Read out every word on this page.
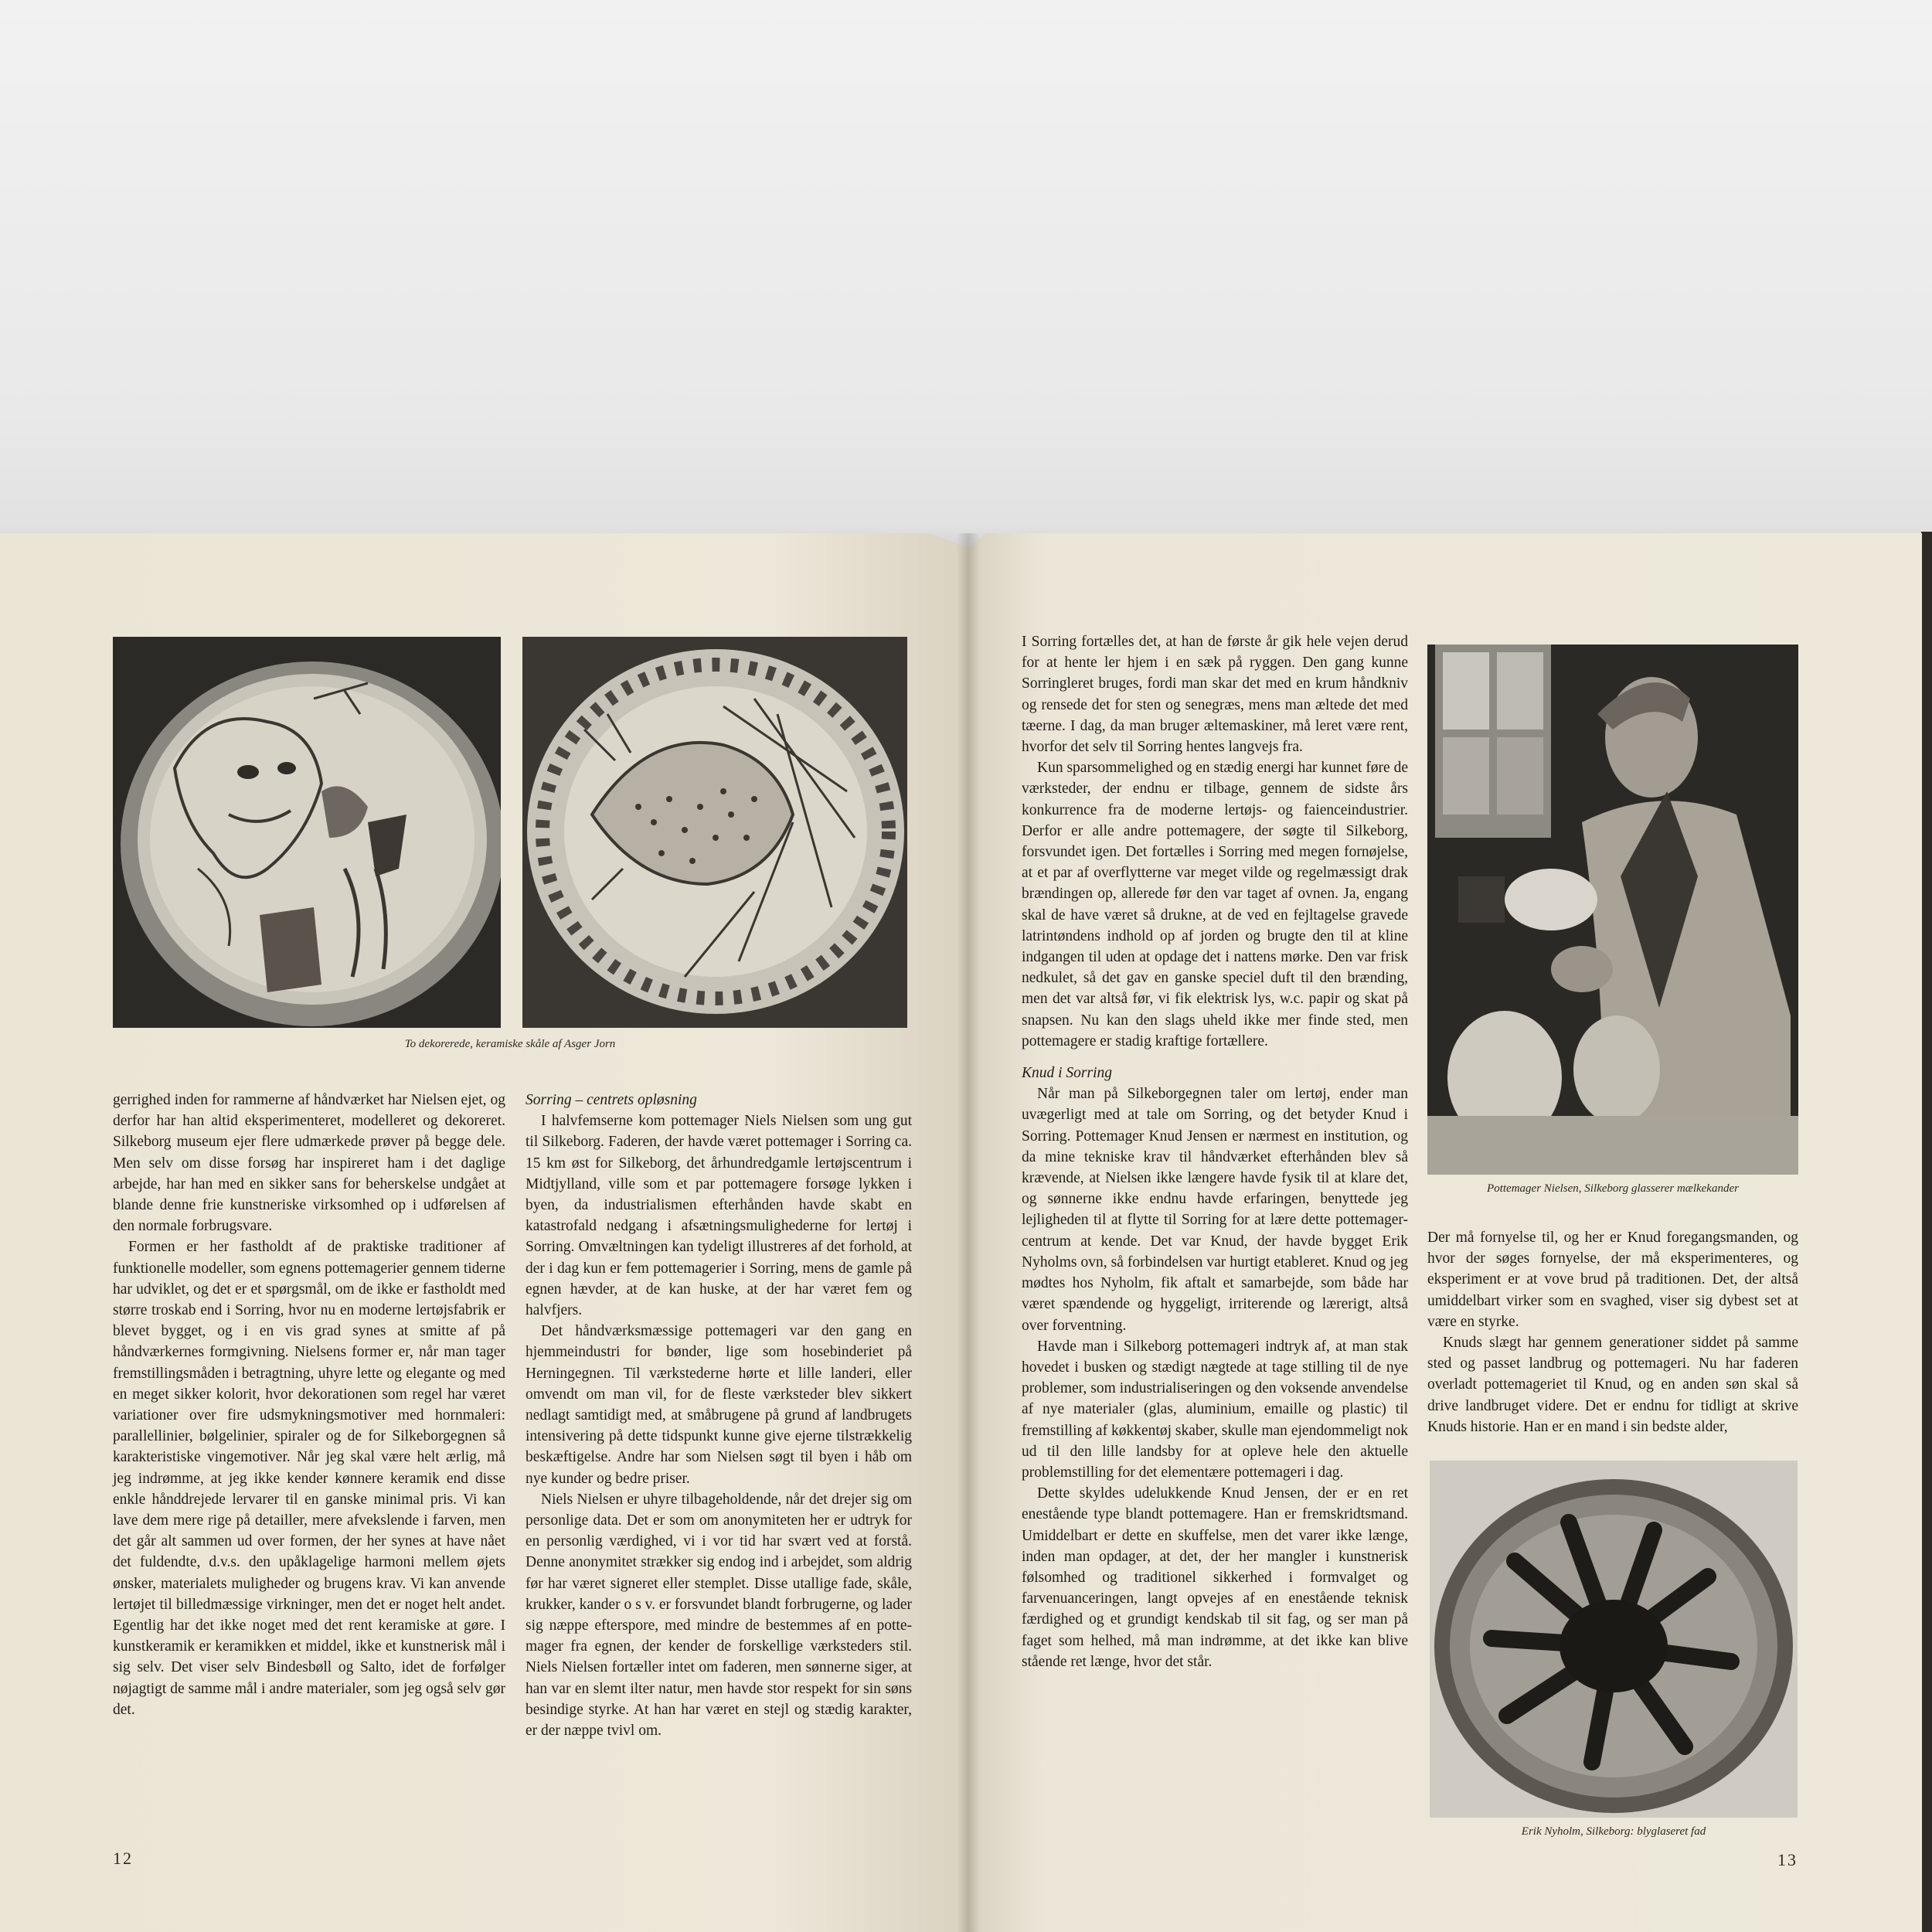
To dekorerede, keramiske skåle af Asger Jorn

gerrighed inden for rammerne af håndværket har Nielsen ejet, og derfor har han altid eksperimenteret, modelleret og dekoreret. Silkeborg museum ejer flere udmærkede prøver på begge dele. Men selv om disse forsøg har inspireret ham i det daglige arbejde, har han med en sikker sans for beherskelse undgået at blande denne frie kunstneriske virksomhed op i udførelsen af den normale forbrugsvare.

Formen er her fastholdt af de praktiske traditioner af funktionelle modeller, som egnens pottemagerier gennem tiderne har udviklet, og det er et spørgsmål, om de ikke er fastholdt med større troskab end i Sorring, hvor nu en moderne lertøjsfabrik er blevet bygget, og i en vis grad synes at smitte af på håndværkernes formgivning. Nielsens former er, når man tager fremstillingsmåden i betragtning, uhyre lette og elegante og med en meget sikker kolorit, hvor dekorationen som regel har været variationer over fire udsmykningsmotiver med hornmaleri: parallellinier, bølgelinier, spiraler og de for Silkeborgegnen så karakteristiske vingemotiver. Når jeg skal være helt ærlig, må jeg indrømme, at jeg ikke kender kønnere keramik end disse enkle hånddrejede lervarer til en ganske minimal pris. Vi kan lave dem mere rige på detailler, mere afvekslende i farven, men det går alt sammen ud over formen, der her synes at have nået det fuldendte, d.v.s. den upåklagelige harmoni mellem øjets ønsker, materialets muligheder og brugens krav. Vi kan anvende lertøjet til billedmæssige virkninger, men det er noget helt andet. Egentlig har det ikke noget med det rent keramiske at gøre. I kunstkeramik er keramikken et middel, ikke et kunstnerisk mål i sig selv. Det viser selv Bindesbøll og Salto, idet de forfølger nøjagtigt de samme mål i andre materialer, som jeg også selv gør det.

Sorring – centrets opløsning

I halvfemserne kom pottemager Niels Nielsen som ung gut til Silkeborg. Faderen, der havde været pottemager i Sorring ca. 15 km øst for Silkeborg, det århundredgamle lertøjscentrum i Midtjylland, ville som et par pottemagere forsøge lykken i byen, da industrialismen efterhånden havde skabt en katastrofald nedgang i afsætningsmulighederne for lertøj i Sorring. Omvæltningen kan tydeligt illustreres af det forhold, at der i dag kun er fem pottemagerier i Sorring, mens de gamle på egnen hævder, at de kan huske, at der har været fem og halvfjers.

Det håndværksmæssige pottemageri var den gang en hjemmeindustri for bønder, lige som hosebinderiet på Herningegnen. Til værkstederne hørte et lille landeri, eller omvendt om man vil, for de fleste værksteder blev sikkert nedlagt samtidigt med, at småbrugene på grund af landbrugets intensivering på dette tidspunkt kunne give ejerne tilstrækkelig beskæftigelse. Andre har som Nielsen søgt til byen i håb om nye kunder og bedre priser.

Niels Nielsen er uhyre tilbageholdende, når det drejer sig om personlige data. Det er som om anonymiteten her er udtryk for en personlig værdighed, vi i vor tid har svært ved at forstå. Denne anonymitet strækker sig endog ind i arbejdet, som aldrig før har været signeret eller stemplet. Disse utallige fade, skåle, krukker, kander o s v. er forsvundet blandt forbrugerne, og lader sig næppe efterspore, med mindre de bestemmes af en pottemager fra egnen, der kender de forskellige værksteders stil. Niels Nielsen fortæller intet om faderen, men sønnerne siger, at han var en slemt ilter natur, men havde stor respekt for sin søns besindige styrke. At han har været en stejl og stædig karakter, er der næppe tvivl om.

12

I Sorring fortælles det, at han de første år gik hele vejen derud for at hente ler hjem i en sæk på ryggen. Den gang kunne Sorringleret bruges, fordi man skar det med en krum håndkniv og rensede det for sten og senegræs, mens man æltede det med tæerne. I dag, da man bruger æltemaskiner, må leret være rent, hvorfor det selv til Sorring hentes langvejs fra.

Kun sparsommelighed og en stædig energi har kunnet føre de værksteder, der endnu er tilbage, gennem de sidste års konkurrence fra de moderne lertøjs- og faienceindustrier. Derfor er alle andre pottemagere, der søgte til Silkeborg, forsvundet igen. Det fortælles i Sorring med megen fornøjelse, at et par af overflytterne var meget vilde og regelmæssigt drak brændingen op, allerede før den var taget af ovnen. Ja, engang skal de have været så drukne, at de ved en fejltagelse gravede latrintøndens indhold op af jorden og brugte den til at kline indgangen til uden at opdage det i nattens mørke. Den var frisk nedkulet, så det gav en ganske speciel duft til den brænding, men det var altså før, vi fik elektrisk lys, w.c. papir og skat på snapsen. Nu kan den slags uheld ikke mer finde sted, men pottemagere er stadig kraftige fortællere.

Knud i Sorring

Når man på Silkeborgegnen taler om lertøj, ender man uvægerligt med at tale om Sorring, og det betyder Knud i Sorring. Pottemager Knud Jensen er nærmest en institution, og da mine tekniske krav til håndværket efterhånden blev så krævende, at Nielsen ikke længere havde fysik til at klare det, og sønnerne ikke endnu havde erfaringen, benyttede jeg lejligheden til at flytte til Sorring for at lære dette pottemager-centrum at kende. Det var Knud, der havde bygget Erik Nyholms ovn, så forbindelsen var hurtigt etableret. Knud og jeg mødtes hos Nyholm, fik aftalt et samarbejde, som både har været spændende og hyggeligt, irriterende og lærerigt, altså over forventning.

Havde man i Silkeborg pottemageri indtryk af, at man stak hovedet i busken og stædigt nægtede at tage stilling til de nye problemer, som industrialiseringen og den voksende anvendelse af nye materialer (glas, aluminium, emaille og plastic) til fremstilling af køkkentøj skaber, skulle man ejendommeligt nok ud til den lille landsby for at opleve hele den aktuelle problemstilling for det elementære pottemageri i dag.

Dette skyldes udelukkende Knud Jensen, der er en ret enestående type blandt pottemagere. Han er fremskridtsmand. Umiddelbart er dette en skuffelse, men det varer ikke længe, inden man opdager, at det, der her mangler i kunstnerisk følsomhed og traditionel sikkerhed i formvalget og farvenuanceringen, langt opvejes af en enestående teknisk færdighed og et grundigt kendskab til sit fag, og ser man på faget som helhed, må man indrømme, at det ikke kan blive stående ret længe, hvor det står.

Pottemager Nielsen, Silkeborg glasserer mælkekander

Der må fornyelse til, og her er Knud foregangsmanden, og hvor der søges fornyelse, der må eksperimenteres, og eksperiment er at vove brud på traditionen. Det, der altså umiddelbart virker som en svaghed, viser sig dybest set at være en styrke.

Knuds slægt har gennem generationer siddet på samme sted og passet landbrug og pottemageri. Nu har faderen overladt pottemageriet til Knud, og en anden søn skal så drive landbruget videre. Det er endnu for tidligt at skrive Knuds historie. Han er en mand i sin bedste alder,

Erik Nyholm, Silkeborg: blyglaseret fad
13
